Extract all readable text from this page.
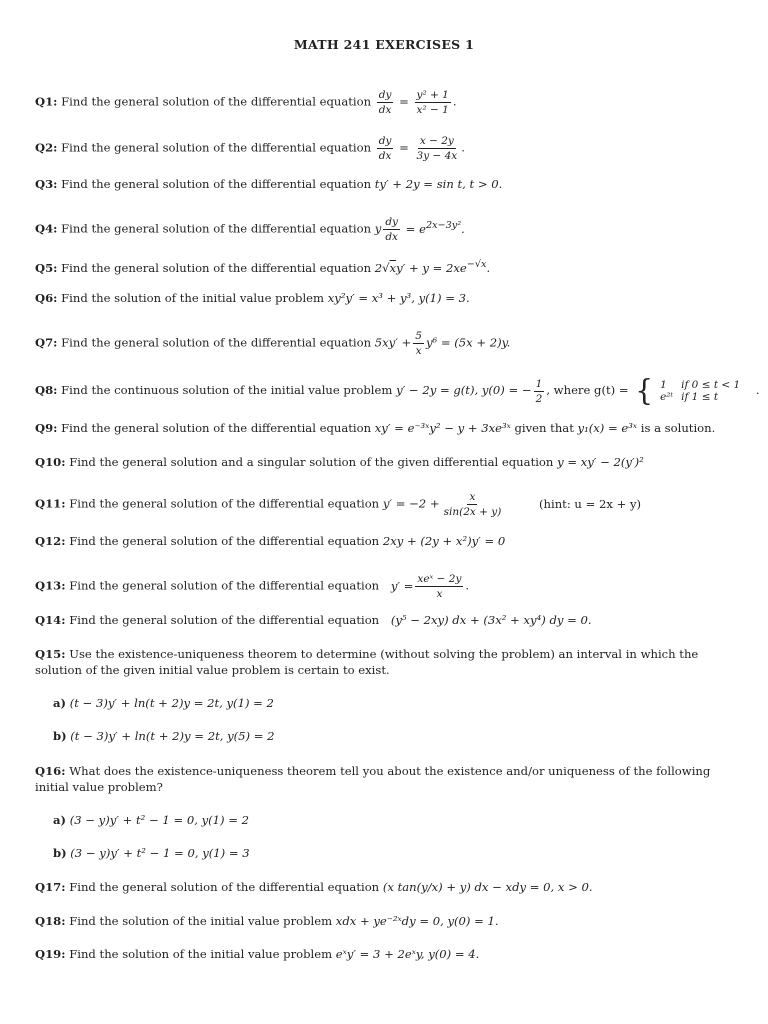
MATH 241 EXERCISES 1
Q1: Find the general solution of the differential equation $\frac{dy}{dx} = \frac{\text{y² + 1}}{\text{x² − 1}}$ .
Q2: Find the general solution of the differential equation $\frac{dy}{dx} = \frac{x - 2y}{3y - 4x}$ .
Q3: Find the general solution of the differential equation ty′ + 2y = sin t, t > 0.
Q4: Find the general solution of the differential equation y $\frac{dy}{dx} = e^{2x-3y^2}$.
Q5: Find the general solution of the differential equation $2√xy' + y = 2xe^{-√x}$.
Q6: Find the solution of the initial value problem xy²y′ = x³ + y³, y(1) = 3.
Q7: Find the general solution of the differential equation $5xy' + \frac{5}{x} y^6 = (5x + 2)y$.
Q8: Find the continuous solution of the initial value problem y′ − 2y = g(t), y(0) = − $\frac{1}{2}$ , where g(t) = { 1	if 0 ≤ t < 1
e²ᵗ	if 1 ≤ t	.
Q9: Find the general solution of the differential equation xy′ = e⁻³ˣy² − y + 3xe³ˣ given that y₁(x) = e³ˣ is a solution.
Q10: Find the general solution and a singular solution of the given differential equation y = xy′ − 2(y′)²
Q11: Find the general solution of the differential equation $y' = -2 + \frac{x}{\sin(2x + y)}$	(hint: u = 2x + y)
Q12: Find the general solution of the differential equation 2xy + (2y + x²)y′ = 0
Q13: Find the general solution of the differential equation $y' = \frac{\text{xeˣ − 2y}}{x}$ .
Q14: Find the general solution of the differential equation (y⁵ − 2xy) dx + (3x² + xy⁴) dy = 0.
Q15: Use the existence-uniqueness theorem to determine (without solving the problem) an interval in which the solution of the given initial value problem is certain to exist.
a) (t − 3)y′ + ln(t + 2)y = 2t, y(1) = 2
b) (t − 3)y′ + ln(t + 2)y = 2t, y(5) = 2
Q16: What does the existence-uniqueness theorem tell you about the existence and/or uniqueness of the following initial value problem?
a) (3 − y)y′ + t² − 1 = 0, y(1) = 2
b) (3 − y)y′ + t² − 1 = 0, y(1) = 3
Q17: Find the general solution of the differential equation (x tan(y/x) + y) dx − xdy = 0, x > 0.
Q18: Find the solution of the initial value problem xdx + ye⁻²ˣdy = 0, y(0) = 1.
Q19: Find the solution of the initial value problem eˣy′ = 3 + 2eˣy, y(0) = 4.
